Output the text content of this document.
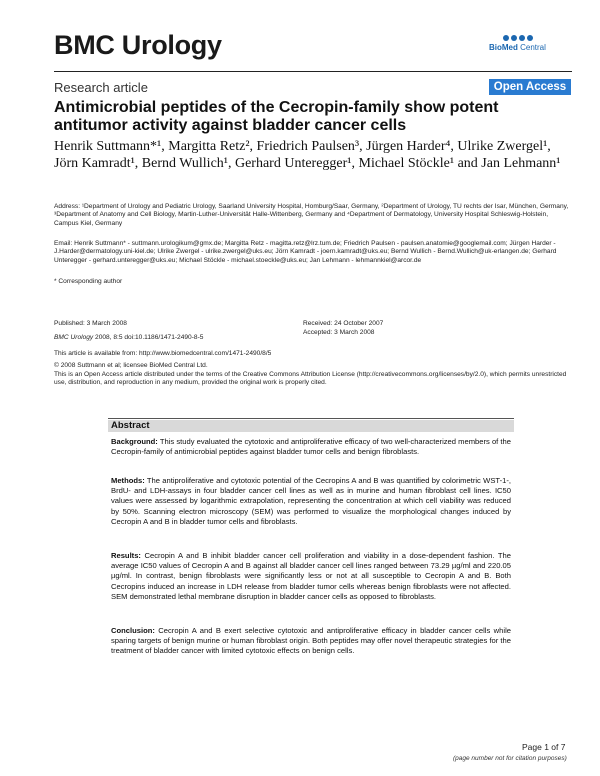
BMC Urology	BioMed Central
Research article	Open Access
Antimicrobial peptides of the Cecropin-family show potent antitumor activity against bladder cancer cells
Henrik Suttmann*¹, Margitta Retz², Friedrich Paulsen³, Jürgen Harder⁴, Ulrike Zwergel¹, Jörn Kamradt¹, Bernd Wullich¹, Gerhard Unteregger¹, Michael Stöckle¹ and Jan Lehmann¹
Address: ¹Department of Urology and Pediatric Urology, Saarland University Hospital, Homburg/Saar, Germany, ²Department of Urology, TU rechts der Isar, München, Germany, ³Department of Anatomy and Cell Biology, Martin-Luther-Universität Halle-Wittenberg, Germany and ⁴Department of Dermatology, University Hospital Schleswig-Holstein, Campus Kiel, Germany
Email: Henrik Suttmann* - suttmann.urologikum@gmx.de; Margitta Retz - magitta.retz@lrz.tum.de; Friedrich Paulsen - paulsen.anatomie@googlemail.com; Jürgen Harder - J.Harder@dermatology.uni-kiel.de; Ulrike Zwergel - ulrike.zwergel@uks.eu; Jörn Kamradt - joern.kamradt@uks.eu; Bernd Wullich - Bernd.Wullich@uk-erlangen.de; Gerhard Unteregger - gerhard.unteregger@uks.eu; Michael Stöckle - michael.stoeckle@uks.eu; Jan Lehmann - lehmannkiel@arcor.de
* Corresponding author
Published: 3 March 2008	Received: 24 October 2007
Accepted: 3 March 2008
BMC Urology 2008, 8:5 doi:10.1186/1471-2490-8-5
This article is available from: http://www.biomedcentral.com/1471-2490/8/5
© 2008 Suttmann et al; licensee BioMed Central Ltd.
This is an Open Access article distributed under the terms of the Creative Commons Attribution License (http://creativecommons.org/licenses/by/2.0), which permits unrestricted use, distribution, and reproduction in any medium, provided the original work is properly cited.
Abstract
Background: This study evaluated the cytotoxic and antiproliferative efficacy of two well-characterized members of the Cecropin-family of antimicrobial peptides against bladder tumor cells and benign fibroblasts.
Methods: The antiproliferative and cytotoxic potential of the Cecropins A and B was quantified by colorimetric WST-1-, BrdU- and LDH-assays in four bladder cancer cell lines as well as in murine and human fibroblast cell lines. IC50 values were assessed by logarithmic extrapolation, representing the concentration at which cell viability was reduced by 50%. Scanning electron microscopy (SEM) was performed to visualize the morphological changes induced by Cecropin A and B in bladder tumor cells and fibroblasts.
Results: Cecropin A and B inhibit bladder cancer cell proliferation and viability in a dose-dependent fashion. The average IC50 values of Cecropin A and B against all bladder cancer cell lines ranged between 73.29 µg/ml and 220.05 µg/ml. In contrast, benign fibroblasts were significantly less or not at all susceptible to Cecropin A and B. Both Cecropins induced an increase in LDH release from bladder tumor cells whereas benign fibroblasts were not affected. SEM demonstrated lethal membrane disruption in bladder cancer cells as opposed to fibroblasts.
Conclusion: Cecropin A and B exert selective cytotoxic and antiproliferative efficacy in bladder cancer cells while sparing targets of benign murine or human fibroblast origin. Both peptides may offer novel therapeutic strategies for the treatment of bladder cancer with limited cytotoxic effects on benign cells.
Page 1 of 7
(page number not for citation purposes)
